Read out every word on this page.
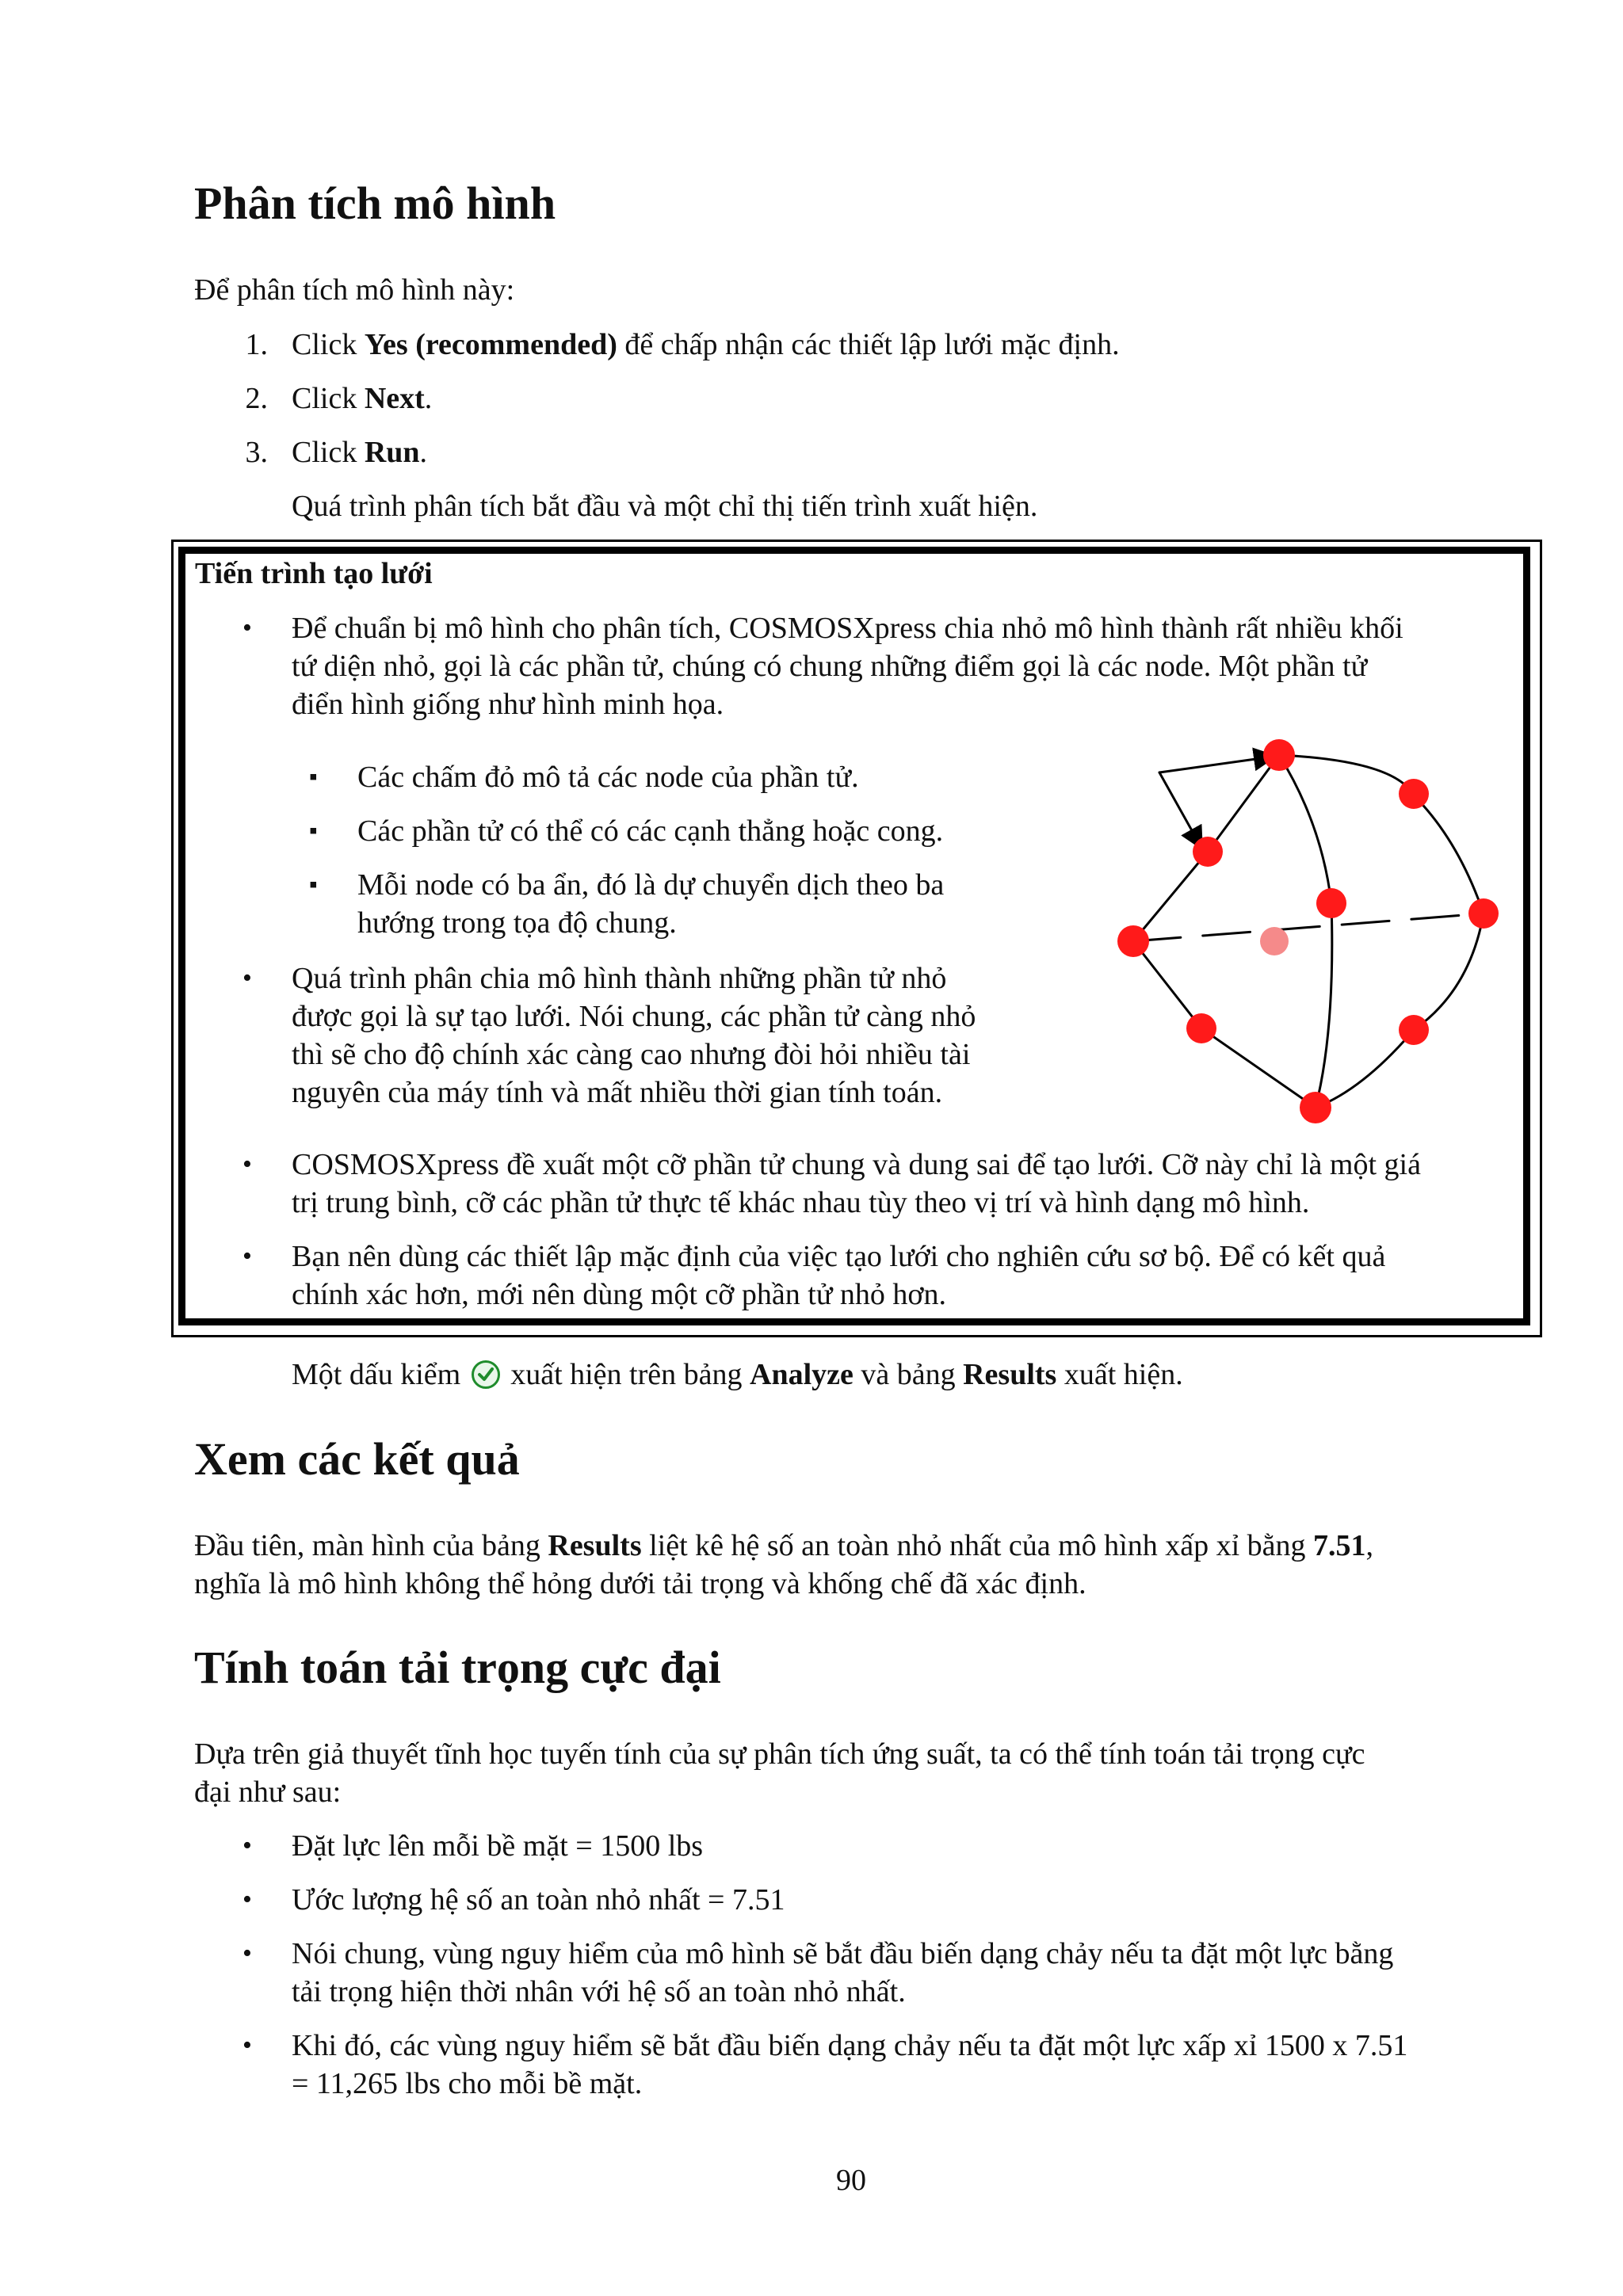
Phân tích mô hình
Để phân tích mô hình này:
1. Click Yes (recommended) để chấp nhận các thiết lập lưới mặc định.
2. Click Next.
3. Click Run.
Quá trình phân tích bắt đầu và một chỉ thị tiến trình xuất hiện.
Tiến trình tạo lưới
• Để chuẩn bị mô hình cho phân tích, COSMOSXpress chia nhỏ mô hình thành rất nhiều khối
tứ diện nhỏ, gọi là các phần tử, chúng có chung những điểm gọi là các node. Một phần tử
điển hình giống như hình minh họa.
▪ Các chấm đỏ mô tả các node của phần tử.
▪ Các phần tử có thể có các cạnh thẳng hoặc cong.
▪ Mỗi node có ba ẩn, đó là dự chuyển dịch theo ba
hướng trong tọa độ chung.
• Quá trình phân chia mô hình thành những phần tử nhỏ
được gọi là sự tạo lưới. Nói chung, các phần tử càng nhỏ
thì sẽ cho độ chính xác càng cao nhưng đòi hỏi nhiều tài
nguyên của máy tính và mất nhiều thời gian tính toán.
• COSMOSXpress đề xuất một cỡ phần tử chung và dung sai để tạo lưới. Cỡ này chỉ là một giá
trị trung bình, cỡ các phần tử thực tế khác nhau tùy theo vị trí và hình dạng mô hình.
• Bạn nên dùng các thiết lập mặc định của việc tạo lưới cho nghiên cứu sơ bộ. Để có kết quả
chính xác hơn, mới nên dùng một cỡ phần tử nhỏ hơn.
Một dấu kiểm
xuất hiện trên bảng Analyze và bảng Results xuất hiện.
Xem các kết quả
Đầu tiên, màn hình của bảng Results liệt kê hệ số an toàn nhỏ nhất của mô hình xấp xỉ bằng 7.51,
nghĩa là mô hình không thể hỏng dưới tải trọng và khống chế đã xác định.
Tính toán tải trọng cực đại
Dựa trên giả thuyết tĩnh học tuyến tính của sự phân tích ứng suất, ta có thể tính toán tải trọng cực
đại như sau:
• Đặt lực lên mỗi bề mặt = 1500 lbs
• Ước lượng hệ số an toàn nhỏ nhất = 7.51
• Nói chung, vùng nguy hiểm của mô hình sẽ bắt đầu biến dạng chảy nếu ta đặt một lực bằng
tải trọng hiện thời nhân với hệ số an toàn nhỏ nhất.
• Khi đó, các vùng nguy hiểm sẽ bắt đầu biến dạng chảy nếu ta đặt một lực xấp xỉ 1500 x 7.51
= 11,265 lbs cho mỗi bề mặt.
90
